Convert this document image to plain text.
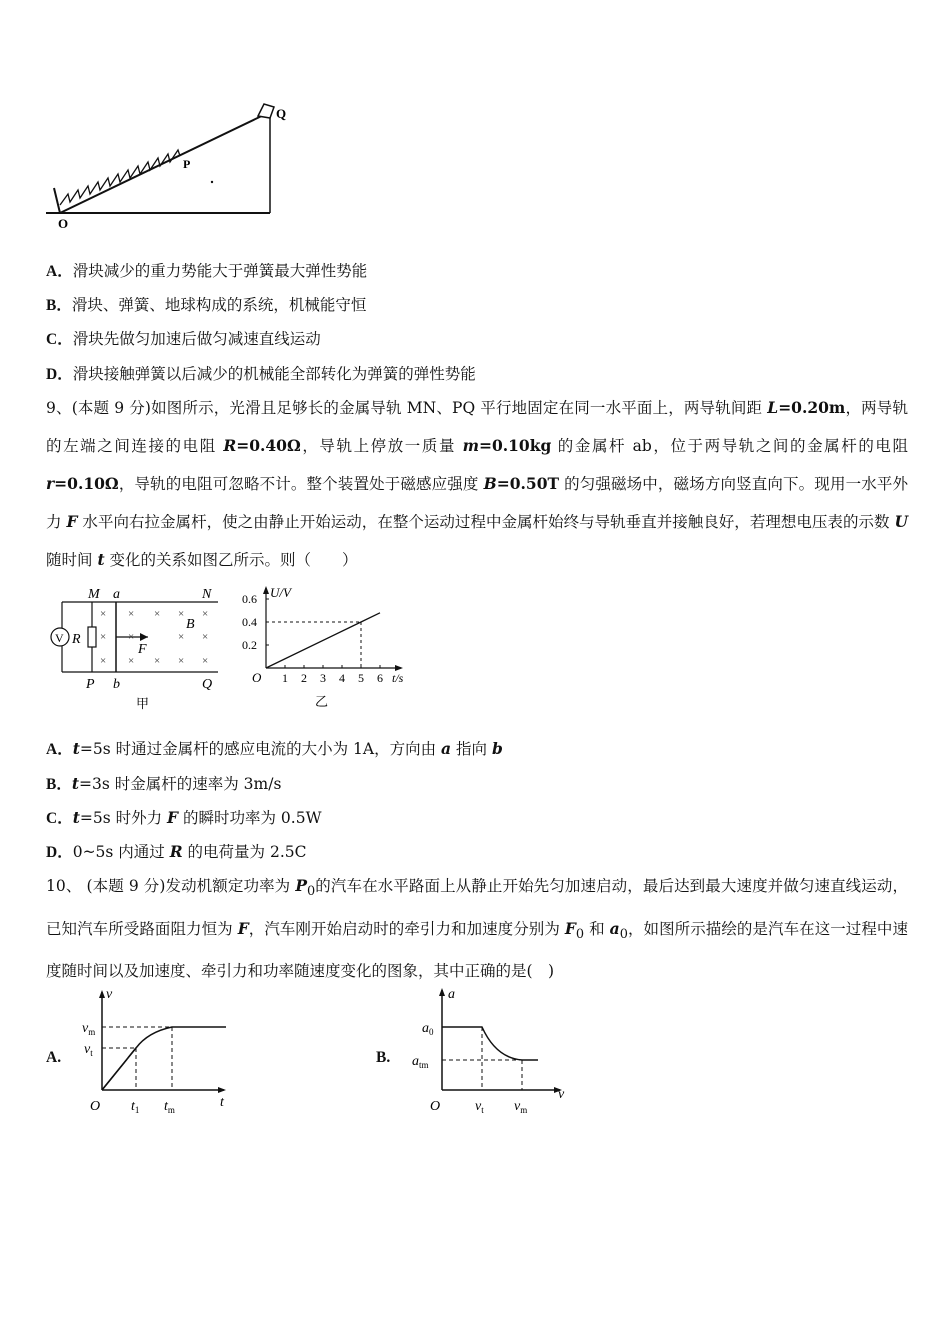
O
P
Q
A．滑块减少的重力势能大于弹簧最大弹性势能
B．滑块、弹簧、地球构成的系统，机械能守恒
C．滑块先做匀加速后做匀减速直线运动
D．滑块接触弹簧以后减少的机械能全部转化为弹簧的弹性势能
9、(本题 9 分)如图所示，光滑且足够长的金属导轨 MN、PQ 平行地固定在同一水平面上，两导轨间距 L=0.20m，两导轨的左端之间连接的电阻 R=0.40Ω，导轨上停放一质量 m=0.10kg 的金属杆 ab，位于两导轨之间的金属杆的电阻 r=0.10Ω，导轨的电阻可忽略不计。整个装置处于磁感应强度 B=0.50T 的匀强磁场中，磁场方向竖直向下。现用一水平外力 F 水平向右拉金属杆，使之由静止开始运动，在整个运动过程中金属杆始终与导轨垂直并接触良好，若理想电压表的示数 U 随时间 t 变化的关系如图乙所示。则（　　）
V R
F
B
×
×
×
× × × ×
×	× ×
× × × ×
M a	N
P b	Q
甲
U/V
t/s
O
0.6
0.4
0.2
1 2 3 4 5 6
乙
A．t=5s 时通过金属杆的感应电流的大小为 1A，方向由 a 指向 b
B．t=3s 时金属杆的速率为 3m/s
C．t=5s 时外力 F 的瞬时功率为 0.5W
D．0~5s 内通过 R 的电荷量为 2.5C
10、 (本题 9 分)发动机额定功率为 $P_0$的汽车在水平路面上从静止开始先匀加速启动，最后达到最大速度并做匀速直线运动，已知汽车所受路面阻力恒为 F，汽车刚开始启动时的牵引力和加速度分别为 $F_0$ 和 $a_0$，如图所示描绘的是汽车在这一过程中速度随时间以及加速度、牵引力和功率随速度变化的图象，其中正确的是(　)
A.
v
t
O
$v_m$
$v_t$
$t_1$ $t_m$
B.
a
v
O
$a_0$
$a_{tm}$
$v_t$ $v_m$
